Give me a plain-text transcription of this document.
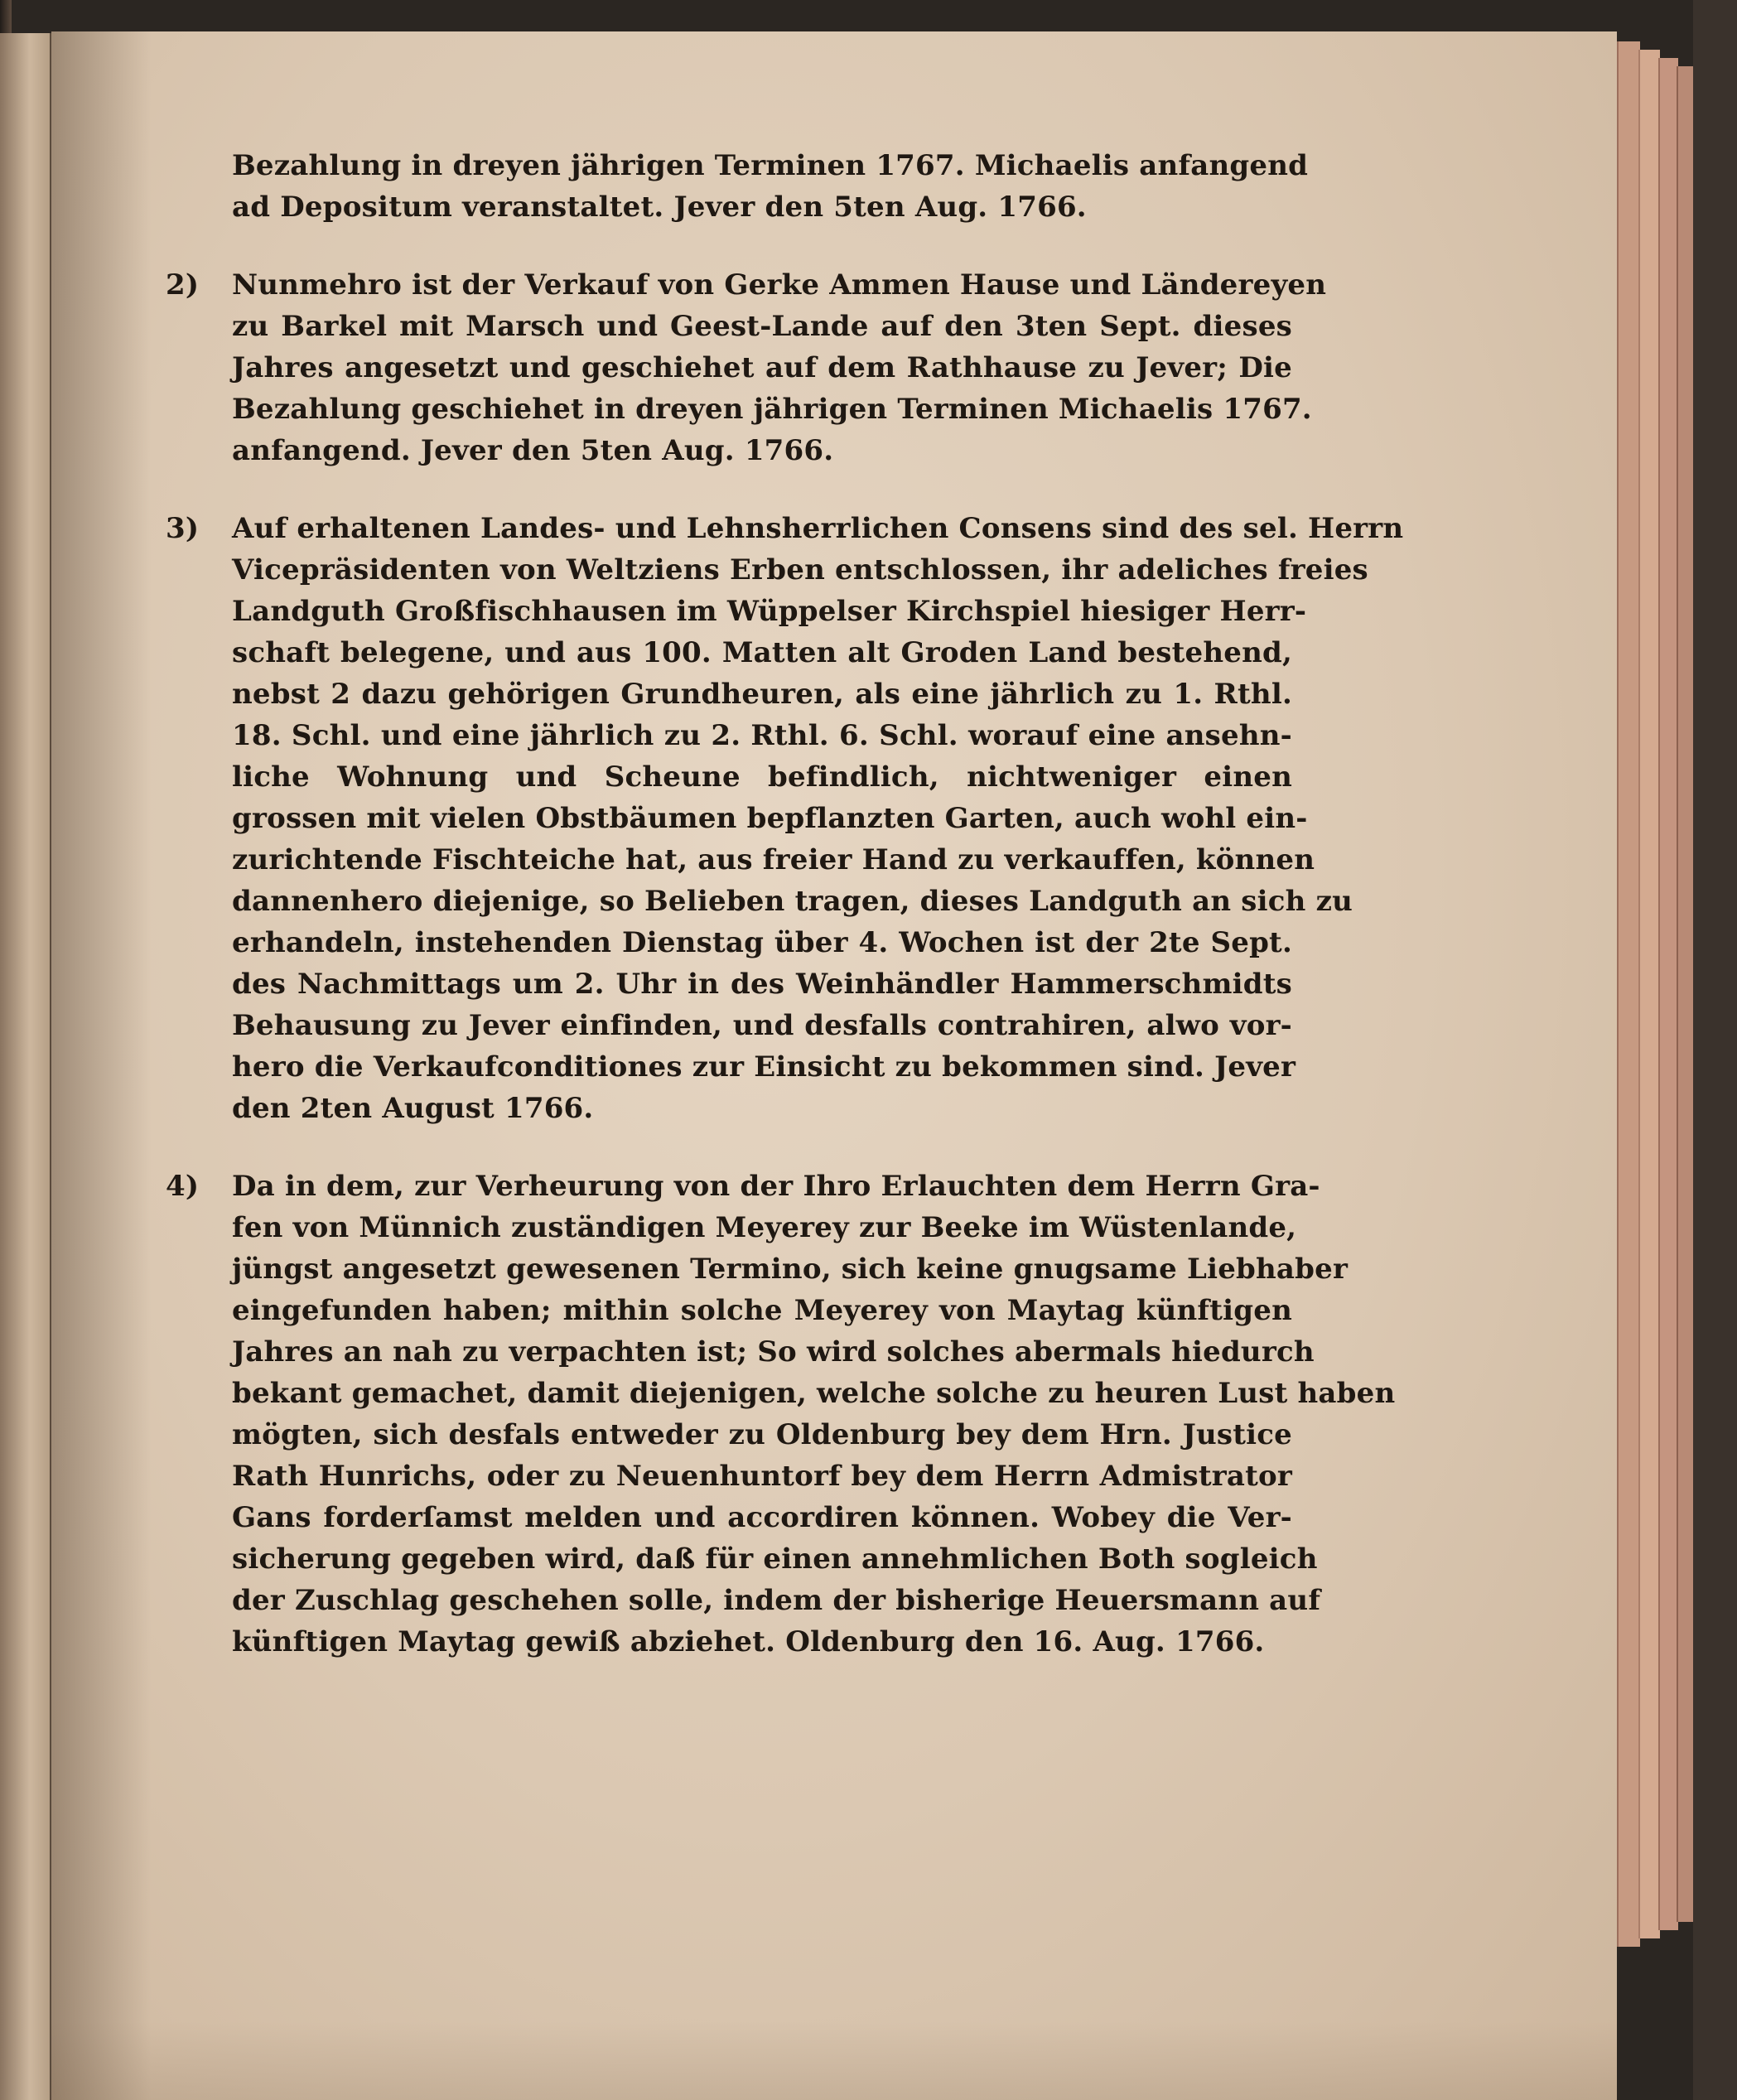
Bezahlung in dreyen jährigen Terminen 1767. Michaelis anfangend
ad Depositum veranstaltet. Jever den 5ten Aug. 1766.
2) Nunmehro ist der Verkauf von Gerke Ammen Hause und Ländereyen
zu Barkel mit Marsch und Geest-Lande auf den 3ten Sept. dieses
Jahres angesetzt und geschiehet auf dem Rathhause zu Jever; Die
Bezahlung geschiehet in dreyen jährigen Terminen Michaelis 1767.
anfangend. Jever den 5ten Aug. 1766.
3) Auf erhaltenen Landes- und Lehnsherrlichen Consens sind des sel. Herrn
Vicepräsidenten von Weltziens Erben entschlossen, ihr adeliches freies
Landguth Großfischhausen im Wüppelser Kirchspiel hiesiger Herr-
schaft belegene, und aus 100. Matten alt Groden Land bestehend,
nebst 2 dazu gehörigen Grundheuren, als eine jährlich zu 1. Rthl.
18. Schl. und eine jährlich zu 2. Rthl. 6. Schl. worauf eine ansehn-
liche Wohnung und Scheune befindlich, nichtweniger einen
grossen mit vielen Obstbäumen bepflanzten Garten, auch wohl ein-
zurichtende Fischteiche hat, aus freier Hand zu verkauffen, können
dannenhero diejenige, so Belieben tragen, dieses Landguth an sich zu
erhandeln, instehenden Dienstag über 4. Wochen ist der 2te Sept.
des Nachmittags um 2. Uhr in des Weinhändler Hammerschmidts
Behausung zu Jever einfinden, und desfalls contrahiren, alwo vor-
hero die Verkaufconditiones zur Einsicht zu bekommen sind. Jever
den 2ten August 1766.
4) Da in dem, zur Verheurung von der Ihro Erlauchten dem Herrn Gra-
fen von Münnich zuständigen Meyerey zur Beeke im Wüstenlande,
jüngst angesetzt gewesenen Termino, sich keine gnugsame Liebhaber
eingefunden haben; mithin solche Meyerey von Maytag künftigen
Jahres an nah zu verpachten ist; So wird solches abermals hiedurch
bekant gemachet, damit diejenigen, welche solche zu heuren Lust haben
mögten, sich desfals entweder zu Oldenburg bey dem Hrn. Justice
Rath Hunrichs, oder zu Neuenhuntorf bey dem Herrn Admistrator
Gans forderſamst melden und accordiren können. Wobey die Ver-
sicherung gegeben wird, daß für einen annehmlichen Both sogleich
der Zuschlag geschehen solle, indem der bisherige Heuersmann auf
künftigen Maytag gewiß abziehet. Oldenburg den 16. Aug. 1766.
